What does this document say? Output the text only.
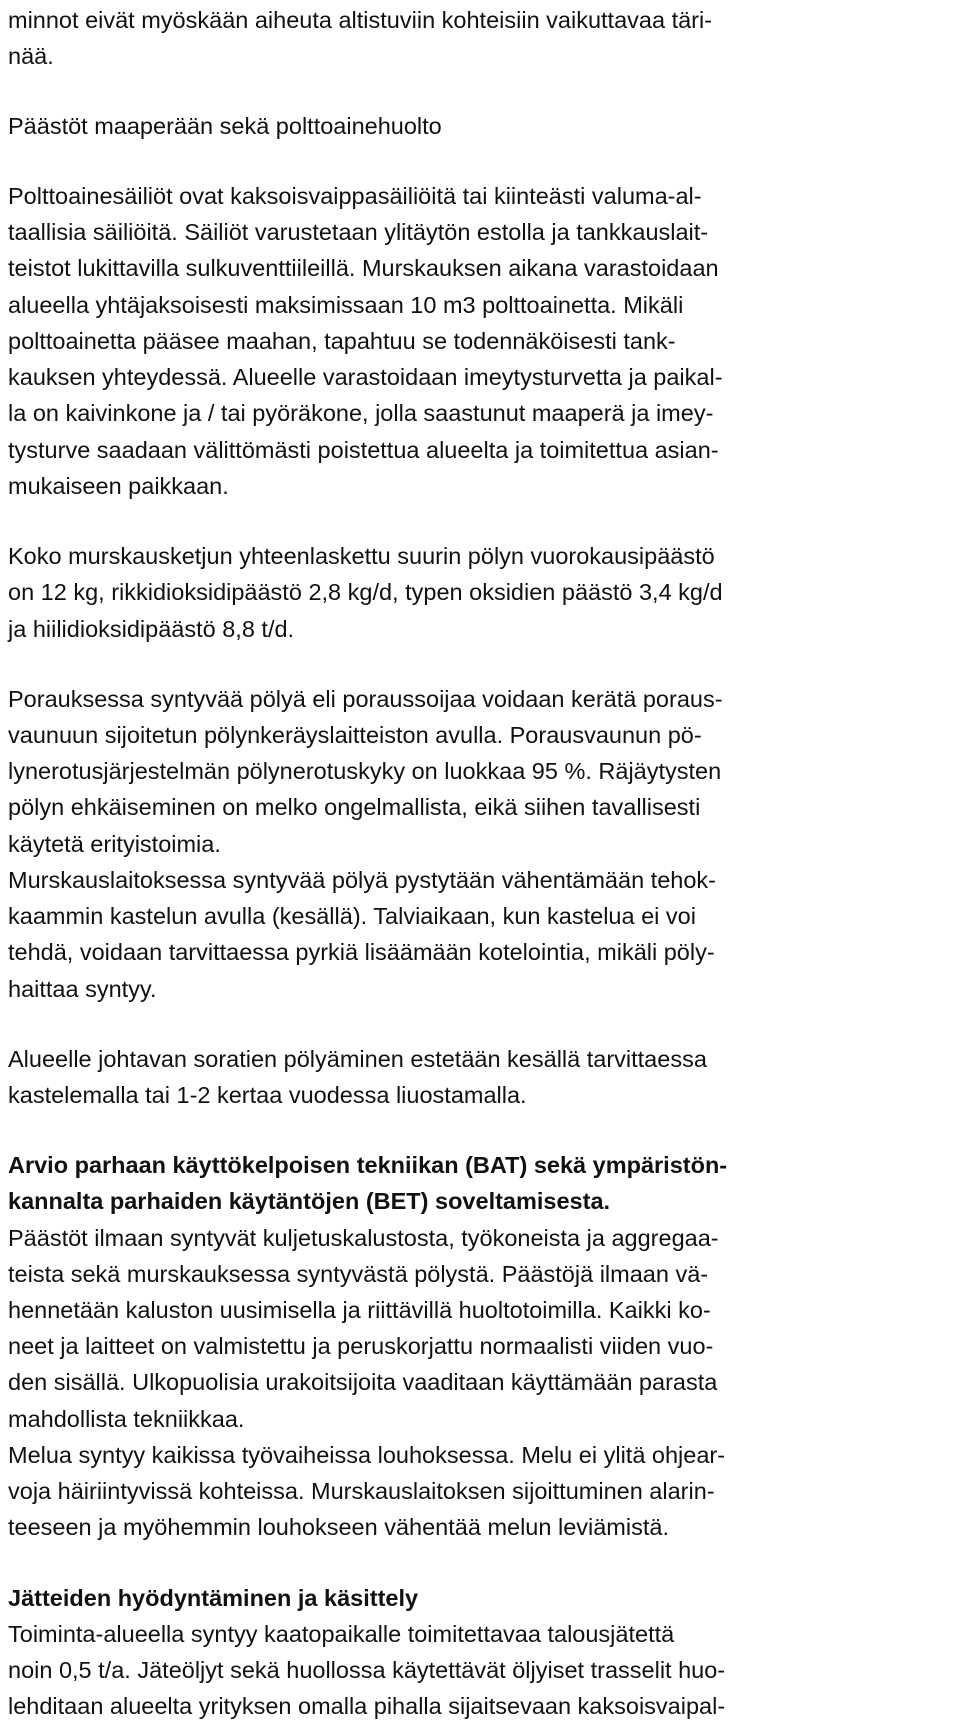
minnot eivät myöskään aiheuta altistuviin kohteisiin vaikuttavaa täri-
nää.
Päästöt maaperään sekä polttoainehuolto
Polttoainesäiliöt ovat kaksoisvaippasäiliöitä tai kiinteästi valuma-al-
taallisia säiliöitä. Säiliöt varustetaan ylitäytön estolla ja tankkauslait-
teistot lukittavilla sulkuventtiileillä. Murskauksen aikana varastoidaan
alueella yhtäjaksoisesti maksimissaan 10 m3 polttoainetta. Mikäli
polttoainetta pääsee maahan, tapahtuu se todennäköisesti tank-
kauksen yhteydessä. Alueelle varastoidaan imeytysturvetta ja paikal-
la on kaivinkone ja / tai pyöräkone, jolla saastunut maaperä ja imey-
tysturve saadaan välittömästi poistettua alueelta ja toimitettua asian-
mukaiseen paikkaan.
Koko murskausketjun yhteenlaskettu suurin pölyn vuorokausipäästö
on 12 kg, rikkidioksidipäästö 2,8 kg/d, typen oksidien päästö 3,4 kg/d
ja hiilidioksidipäästö 8,8 t/d.
Porauksessa syntyvää pölyä eli poraussoijaa voidaan kerätä poraus-
vaunuun sijoitetun pölynkeräyslaitteiston avulla. Porausvaunun pö-
lynerotusjärjestelmän pölynerotuskyky on luokkaa 95 %. Räjäytysten
pölyn ehkäiseminen on melko ongelmallista, eikä siihen tavallisesti
käytetä erityistoimia.
Murskauslaitoksessa syntyvää pölyä pystytään vähentämään tehok-
kaammin kastelun avulla (kesällä). Talviaikaan, kun kastelua ei voi
tehdä, voidaan tarvittaessa pyrkiä lisäämään kotelointia, mikäli pöly-
haittaa syntyy.
Alueelle johtavan soratien pölyäminen estetään kesällä tarvittaessa
kastelemalla tai 1-2 kertaa vuodessa liuostamalla.
Arvio parhaan käyttökelpoisen tekniikan (BAT) sekä ympäristön-
kannalta parhaiden käytäntöjen (BET) soveltamisesta.
Päästöt ilmaan syntyvät kuljetuskalustosta, työkoneista ja aggregaa-
teista sekä murskauksessa syntyvästä pölystä. Päästöjä ilmaan vä-
hennetään kaluston uusimisella ja riittävillä huoltotoimilla. Kaikki ko-
neet ja laitteet on valmistettu ja peruskorjattu normaalisti viiden vuo-
den sisällä. Ulkopuolisia urakoitsijoita vaaditaan käyttämään parasta
mahdollista tekniikkaa.
Melua syntyy kaikissa työvaiheissa louhoksessa. Melu ei ylitä ohjear-
voja häiriintyvissä kohteissa. Murskauslaitoksen sijoittuminen alarin-
teeseen ja myöhemmin louhokseen vähentää melun leviämistä.
Jätteiden hyödyntäminen ja käsittely
Toiminta-alueella syntyy kaatopaikalle toimitettavaa talousjätettä
noin 0,5 t/a. Jäteöljyt sekä huollossa käytettävät öljyiset trasselit huo-
lehditaan alueelta yrityksen omalla pihalla sijaitsevaan kaksoisvaipal-
